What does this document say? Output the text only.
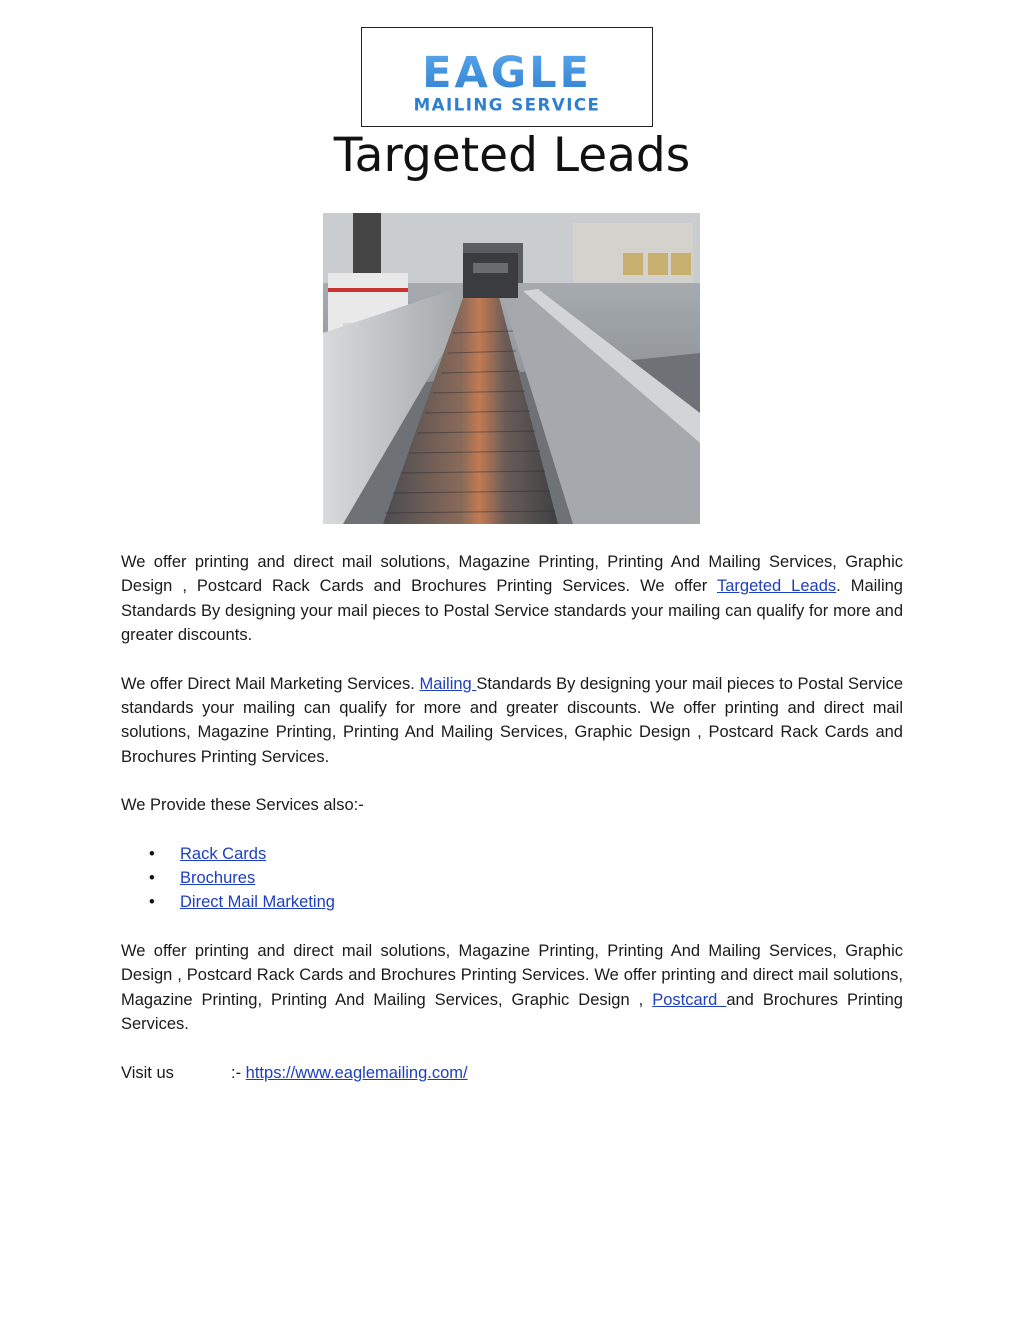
EAGLE
MAILING SERVICE
Targeted Leads

We offer printing and direct mail solutions, Magazine Printing, Printing And Mailing Services, Graphic Design , Postcard Rack Cards and Brochures Printing Services. We offer Targeted Leads. Mailing Standards By designing your mail pieces to Postal Service standards your mailing can qualify for more and greater discounts.

We offer Direct Mail Marketing Services. Mailing Standards By designing your mail pieces to Postal Service standards your mailing can qualify for more and greater discounts. We offer printing and direct mail solutions, Magazine Printing, Printing And Mailing Services, Graphic Design , Postcard Rack Cards and Brochures Printing Services.

We Provide these Services also:-

• Rack Cards
• Brochures
• Direct Mail Marketing

We offer printing and direct mail solutions, Magazine Printing, Printing And Mailing Services, Graphic Design , Postcard Rack Cards and Brochures Printing Services. We offer printing and direct mail solutions, Magazine Printing, Printing And Mailing Services, Graphic Design , Postcard and Brochures Printing Services.

Visit us	:- https://www.eaglemailing.com/
